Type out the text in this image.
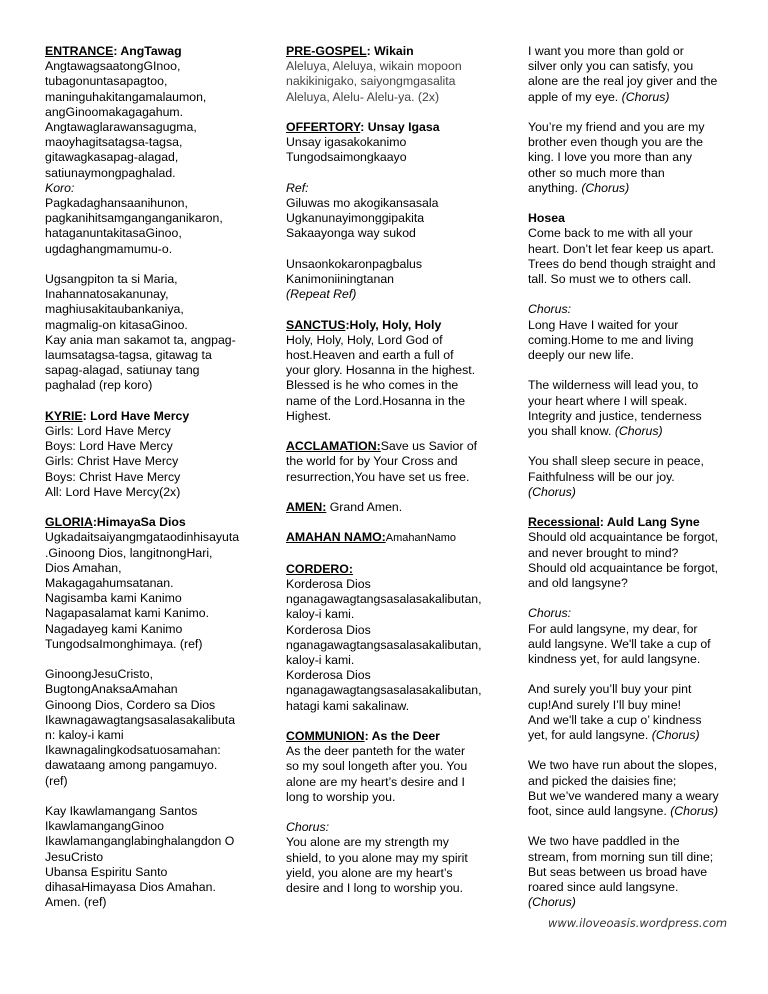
ENTRANCE: AngTawag
AngtawagsaatongGInoo,
tubagonuntasapagtoo,
maninguhakitangamalaumon,
angGinoomakagagahum.
Angtawaglarawansagugma,
maoyhagitsatagsa-tagsa,
gitawagkasapag-alagad,
satiunaymongpaghalad.
Koro:
Pagkadaghansaanihunon,
pagkanihitsamganganganikaron,
hataganuntakitasaGinoo,
ugdaghangmamumu-o.
Ugsangpiton ta si Maria,
Inahannatosakanunay,
maghiusakitaubankaniya,
magmalig-on kitasaGinoo.
Kay ania man sakamot ta, angpag-
laumsatagsa-tagsa, gitawag ta
sapag-alagad, satiunay tang
paghalad (rep koro)
KYRIE: Lord Have Mercy
Girls: Lord Have Mercy
Boys: Lord Have Mercy
Girls: Christ Have Mercy
Boys: Christ Have Mercy
All: Lord Have Mercy(2x)
GLORIA:HimayaSa Dios
Ugkadaitsaiyangmgataodinhisayuta
.Ginoong Dios, langitnongHari,
Dios Amahan,
Makagagahumsatanan.
Nagisamba kami Kanimo
Nagapasalamat kami Kanimo.
Nagadayeg kami Kanimo
TungodsaImonghimaya. (ref)
GinoongJesuCristo,
BugtongAnaksaAmahan
Ginoong Dios, Cordero sa Dios
Ikawnagawagtangsasalasakalibuta
n: kaloy-i kami
Ikawnagalingkodsatuosamahan:
dawataang among pangamuyo.
(ref)
Kay Ikawlamangang Santos
IkawlamangangGinoo
Ikawlamanganglabinghalangdon O
JesuCristo
Ubansa Espiritu Santo
dihasaHimayasa Dios Amahan.
Amen. (ref)
PRE-GOSPEL: Wikain
Aleluya, Aleluya, wikain mopoon
nakikinigako, saiyongmgasalita
Aleluya, Alelu- Alelu-ya. (2x)
OFFERTORY: Unsay Igasa
Unsay igasakokanimo
Tungodsaimongkaayo
Ref:
Giluwas mo akogikansasala
Ugkanunayimonggipakita
Sakaayonga way sukod
Unsaonkokaronpagbalus
Kanimoniiningtanan
(Repeat Ref)
SANCTUS:Holy, Holy, Holy
Holy, Holy, Holy, Lord God of
host.Heaven and earth a full of
your glory. Hosanna in the highest.
Blessed is he who comes in the
name of the Lord.Hosanna in the
Highest.
ACCLAMATION:Save us Savior of
the world for by Your Cross and
resurrection,You have set us free.
AMEN: Grand Amen.
AMAHAN NAMO:AmahanNamo
CORDERO:
Korderosa Dios
nganagawagtangsasalasakalibutan,
kaloy-i kami.
Korderosa Dios
nganagawagtangsasalasakalibutan,
kaloy-i kami.
Korderosa Dios
nganagawagtangsasalasakalibutan,
hatagi kami sakalinaw.
COMMUNION: As the Deer
As the deer panteth for the water
so my soul longeth after you. You
alone are my heart’s desire and I
long to worship you.
Chorus:
You alone are my strength my
shield, to you alone may my spirit
yield, you alone are my heart’s
desire and I long to worship you.
I want you more than gold or
silver only you can satisfy, you
alone are the real joy giver and the
apple of my eye. (Chorus)
You’re my friend and you are my
brother even though you are the
king. I love you more than any
other so much more than
anything. (Chorus)
Hosea
Come back to me with all your
heart. Don’t let fear keep us apart.
Trees do bend though straight and
tall. So must we to others call.
Chorus:
Long Have I waited for your
coming.Home to me and living
deeply our new life.
The wilderness will lead you, to
your heart where I will speak.
Integrity and justice, tenderness
you shall know. (Chorus)
You shall sleep secure in peace,
Faithfulness will be our joy.
(Chorus)
Recessional: Auld Lang Syne
Should old acquaintance be forgot,
and never brought to mind?
Should old acquaintance be forgot,
and old langsyne?
Chorus:
For auld langsyne, my dear, for
auld langsyne. We'll take a cup of
kindness yet, for auld langsyne.
And surely you’ll buy your pint
cup!And surely I’ll buy mine!
And we'll take a cup o’ kindness
yet, for auld langsyne. (Chorus)
We two have run about the slopes,
and picked the daisies fine;
But we’ve wandered many a weary
foot, since auld langsyne. (Chorus)
We two have paddled in the
stream, from morning sun till dine;
But seas between us broad have
roared since auld langsyne.
(Chorus)
www.iloveoasis.wordpress.com
